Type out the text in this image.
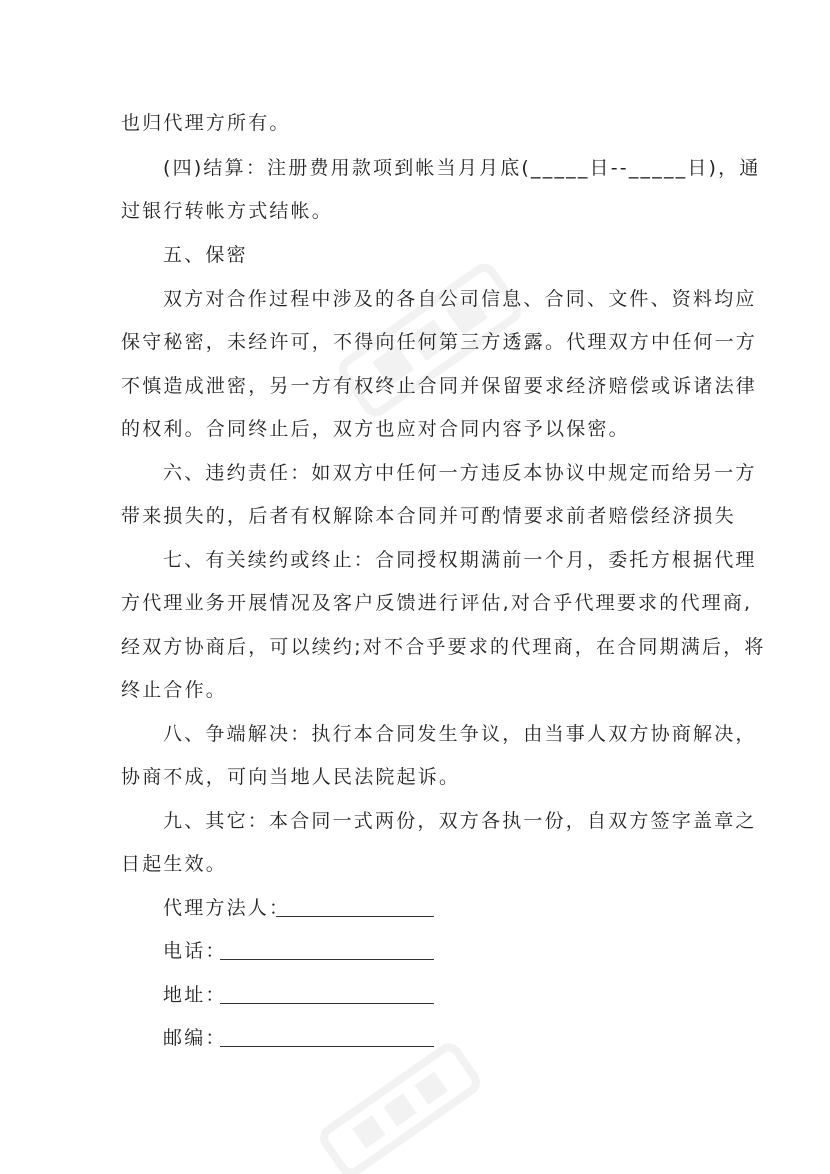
也归代理方所有。

(四)结算：注册费用款项到帐当月月底(_____日--_____日)，通

过银行转帐方式结帐。

五、保密

双方对合作过程中涉及的各自公司信息、合同、文件、资料均应

保守秘密，未经许可，不得向任何第三方透露。代理双方中任何一方

不慎造成泄密，另一方有权终止合同并保留要求经济赔偿或诉诸法律

的权利。合同终止后，双方也应对合同内容予以保密。

六、违约责任：如双方中任何一方违反本协议中规定而给另一方

带来损失的，后者有权解除本合同并可酌情要求前者赔偿经济损失

七、有关续约或终止：合同授权期满前一个月，委托方根据代理

方代理业务开展情况及客户反馈进行评估,对合乎代理要求的代理商,

经双方协商后，可以续约;对不合乎要求的代理商，在合同期满后，将

终止合作。

八、争端解决：执行本合同发生争议，由当事人双方协商解决，

协商不成，可向当地人民法院起诉。

九、其它：本合同一式两份，双方各执一份，自双方签字盖章之

日起生效。

代理方法人：
电话：
地址：
邮编：
